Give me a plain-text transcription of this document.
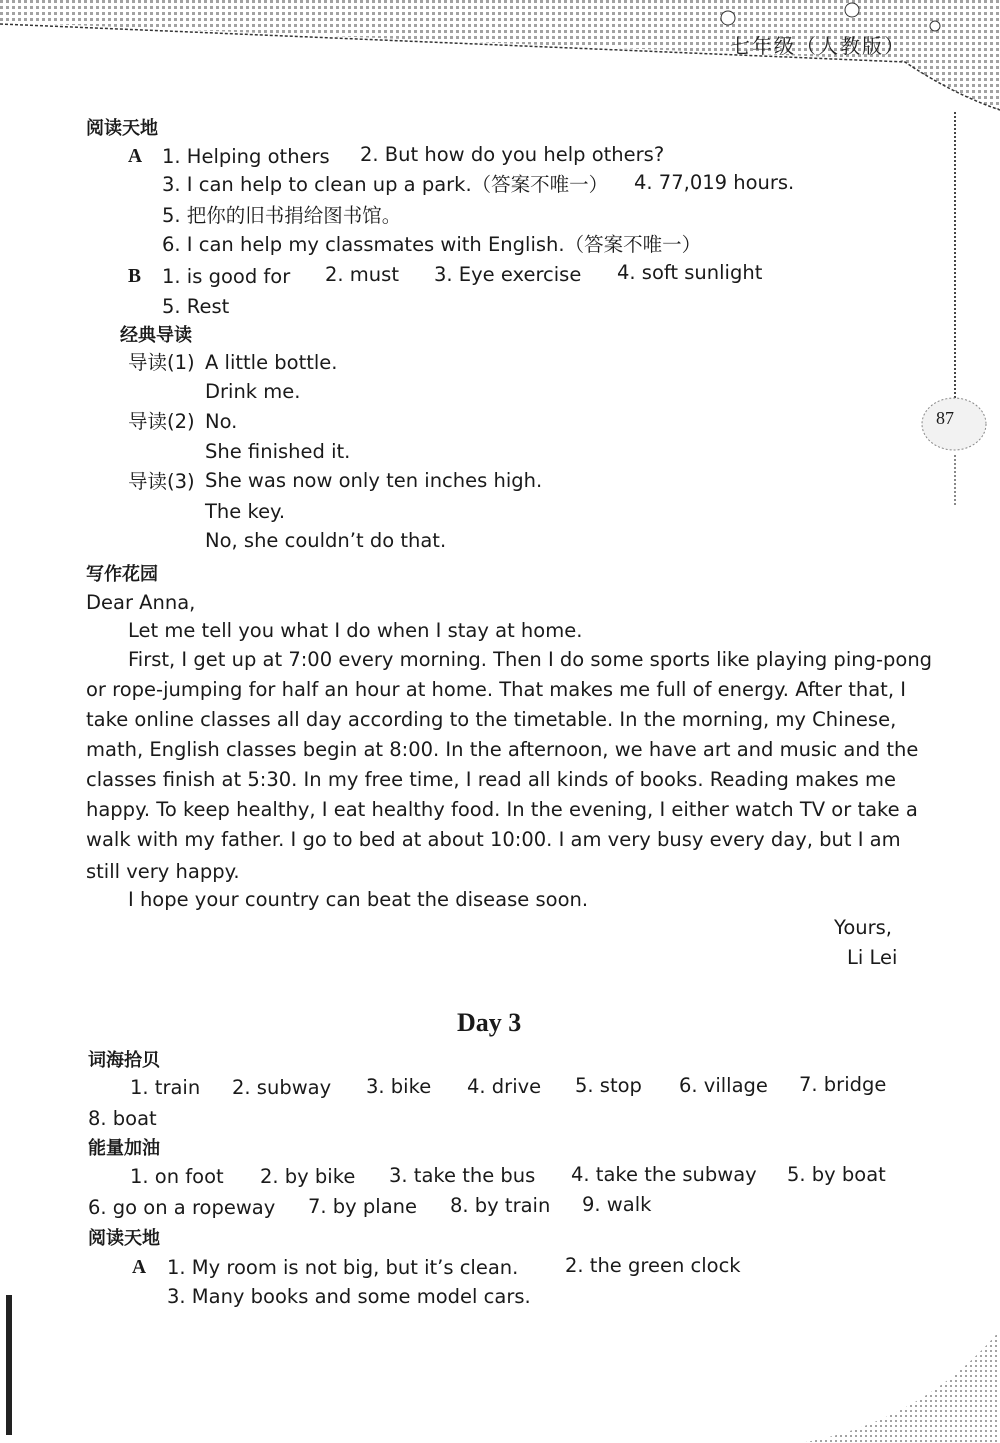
七年级（人教版）
87
阅读天地
A 1. Helping others 2. But how do you help others?
3. I can help to clean up a park.（答案不唯一） 4. 77,019 hours.
5. 把你的旧书捐给图书馆。
6. I can help my classmates with English.（答案不唯一）
B 1. is good for 2. must 3. Eye exercise 4. soft sunlight
5. Rest
经典导读
导读(1) A little bottle.
Drink me.
导读(2) No.
She finished it.
导读(3) She was now only ten inches high.
The key.
No, she couldn’t do that.
写作花园
Dear Anna,
Let me tell you what I do when I stay at home.
First, I get up at 7:00 every morning. Then I do some sports like playing ping-pong
or rope-jumping for half an hour at home. That makes me full of energy. After that, I
take online classes all day according to the timetable. In the morning, my Chinese,
math, English classes begin at 8:00. In the afternoon, we have art and music and the
classes finish at 5:30. In my free time, I read all kinds of books. Reading makes me
happy. To keep healthy, I eat healthy food. In the evening, I either watch TV or take a
walk with my father. I go to bed at about 10:00. I am very busy every day, but I am
still very happy.
I hope your country can beat the disease soon.
Yours,
Li Lei
Day 3
词海拾贝
1. train 2. subway 3. bike 4. drive 5. stop 6. village 7. bridge
8. boat
能量加油
1. on foot 2. by bike 3. take the bus 4. take the subway 5. by boat
6. go on a ropeway 7. by plane 8. by train 9. walk
阅读天地
A 1. My room is not big, but it’s clean. 2. the green clock
3. Many books and some model cars.
